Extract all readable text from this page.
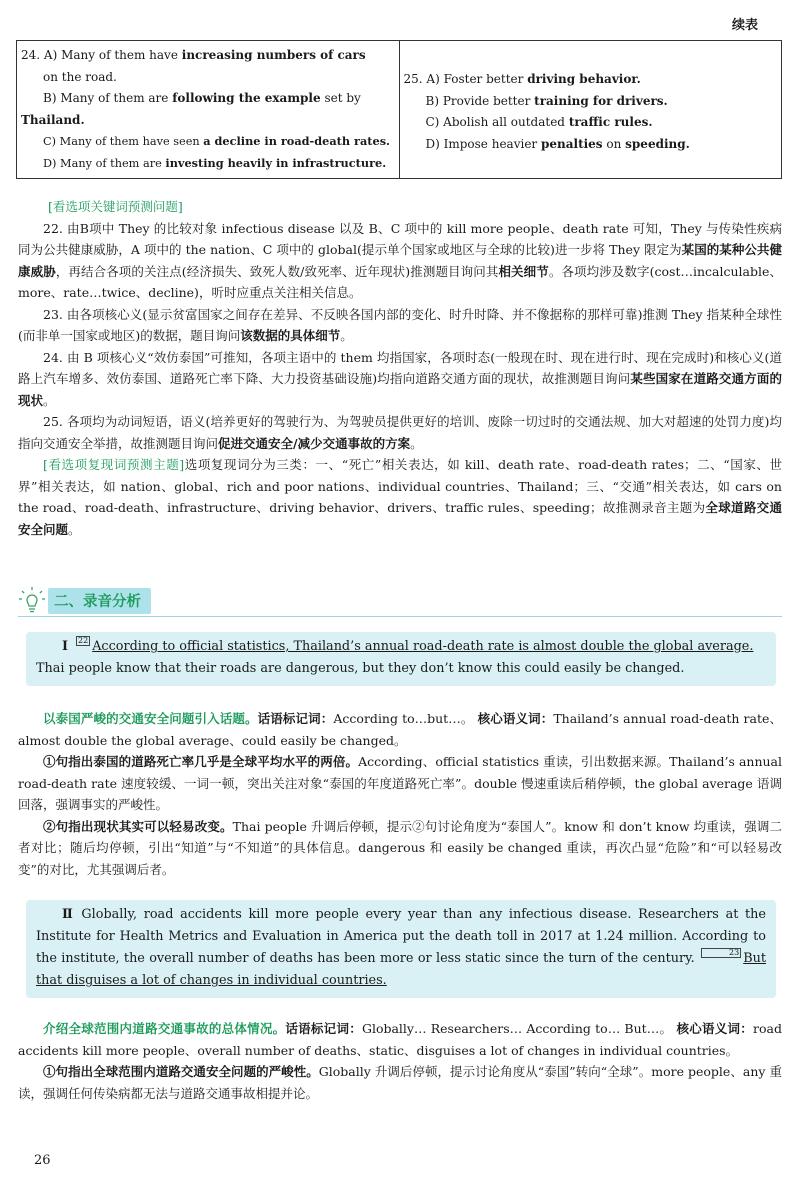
续表
24. A) Many of them have increasing numbers of cars
on the road.
B) Many of them are following the example set by
Thailand.
C) Many of them have seen a decline in road-death rates.
D) Many of them are investing heavily in infrastructure.

25. A) Foster better driving behavior.
B) Provide better training for drivers.
C) Abolish all outdated traffic rules.
D) Impose heavier penalties on speeding.

[看选项关键词预测问题]

22. 由B项中 They 的比较对象 infectious disease 以及 B、C 项中的 kill more people、death rate 可知，They 与传染性疾病同为公共健康威胁，A 项中的 the nation、C 项中的 global(提示单个国家或地区与全球的比较)进一步将 They 限定为某国的某种公共健康威胁，再结合各项的关注点(经济损失、致死人数/致死率、近年现状)推测题目询问其相关细节。各项均涉及数字(cost…incalculable、more、rate…twice、decline)，听时应重点关注相关信息。

23. 由各项核心义(显示贫富国家之间存在差异、不反映各国内部的变化、时升时降、并不像据称的那样可靠)推测 They 指某种全球性(而非单一国家或地区)的数据，题目询问该数据的具体细节。

24. 由 B 项核心义“效仿泰国”可推知，各项主语中的 them 均指国家，各项时态(一般现在时、现在进行时、现在完成时)和核心义(道路上汽车增多、效仿泰国、道路死亡率下降、大力投资基础设施)均指向道路交通方面的现状，故推测题目询问某些国家在道路交通方面的现状。

25. 各项均为动词短语，语义(培养更好的驾驶行为、为驾驶员提供更好的培训、废除一切过时的交通法规、加大对超速的处罚力度)均指向交通安全举措，故推测题目询问促进交通安全/减少交通事故的方案。

[看选项复现词预测主题]选项复现词分为三类：一、“死亡”相关表达，如 kill、death rate、road-death rates；二、“国家、世界”相关表达，如 nation、global、rich and poor nations、individual countries、Thailand；三、“交通”相关表达，如 cars on the road、road-death、infrastructure、driving behavior、drivers、traffic rules、speeding；故推测录音主题为全球道路交通安全问题。

二、录音分析
Ⅰ 22 According to official statistics, Thailand’s annual road-death rate is almost double the global average.
Thai people know that their roads are dangerous, but they don’t know this could easily be changed.

以泰国严峻的交通安全问题引入话题。话语标记词：According to…but…。 核心语义词：Thailand’s annual road-death rate、almost double the global average、could easily be changed。

①句指出泰国的道路死亡率几乎是全球平均水平的两倍。According、official statistics 重读，引出数据来源。Thailand’s annual road-death rate 速度较缓、一词一顿，突出关注对象“泰国的年度道路死亡率”。double 慢速重读后稍停顿，the global average 语调回落，强调事实的严峻性。

②句指出现状其实可以轻易改变。Thai people 升调后停顿，提示②句讨论角度为“泰国人”。know 和 don’t know 均重读，强调二者对比；随后均停顿，引出“知道”与“不知道”的具体信息。dangerous 和 easily be changed 重读，再次凸显“危险”和“可以轻易改变”的对比，尤其强调后者。

Ⅱ Globally, road accidents kill more people every year than any infectious disease. Researchers at the Institute for Health Metrics and Evaluation in America put the death toll in 2017 at 1.24 million. According to the institute, the overall number of deaths has been more or less static since the turn of the century.	23 But that disguises a lot of changes in individual countries.

介绍全球范围内道路交通事故的总体情况。话语标记词：Globally… Researchers… According to… But…。 核心语义词：road accidents kill more people、overall number of deaths、static、disguises a lot of changes in individual countries。

①句指出全球范围内道路交通安全问题的严峻性。Globally 升调后停顿，提示讨论角度从“泰国”转向“全球”。more people、any 重读，强调任何传染病都无法与道路交通事故相提并论。

26
